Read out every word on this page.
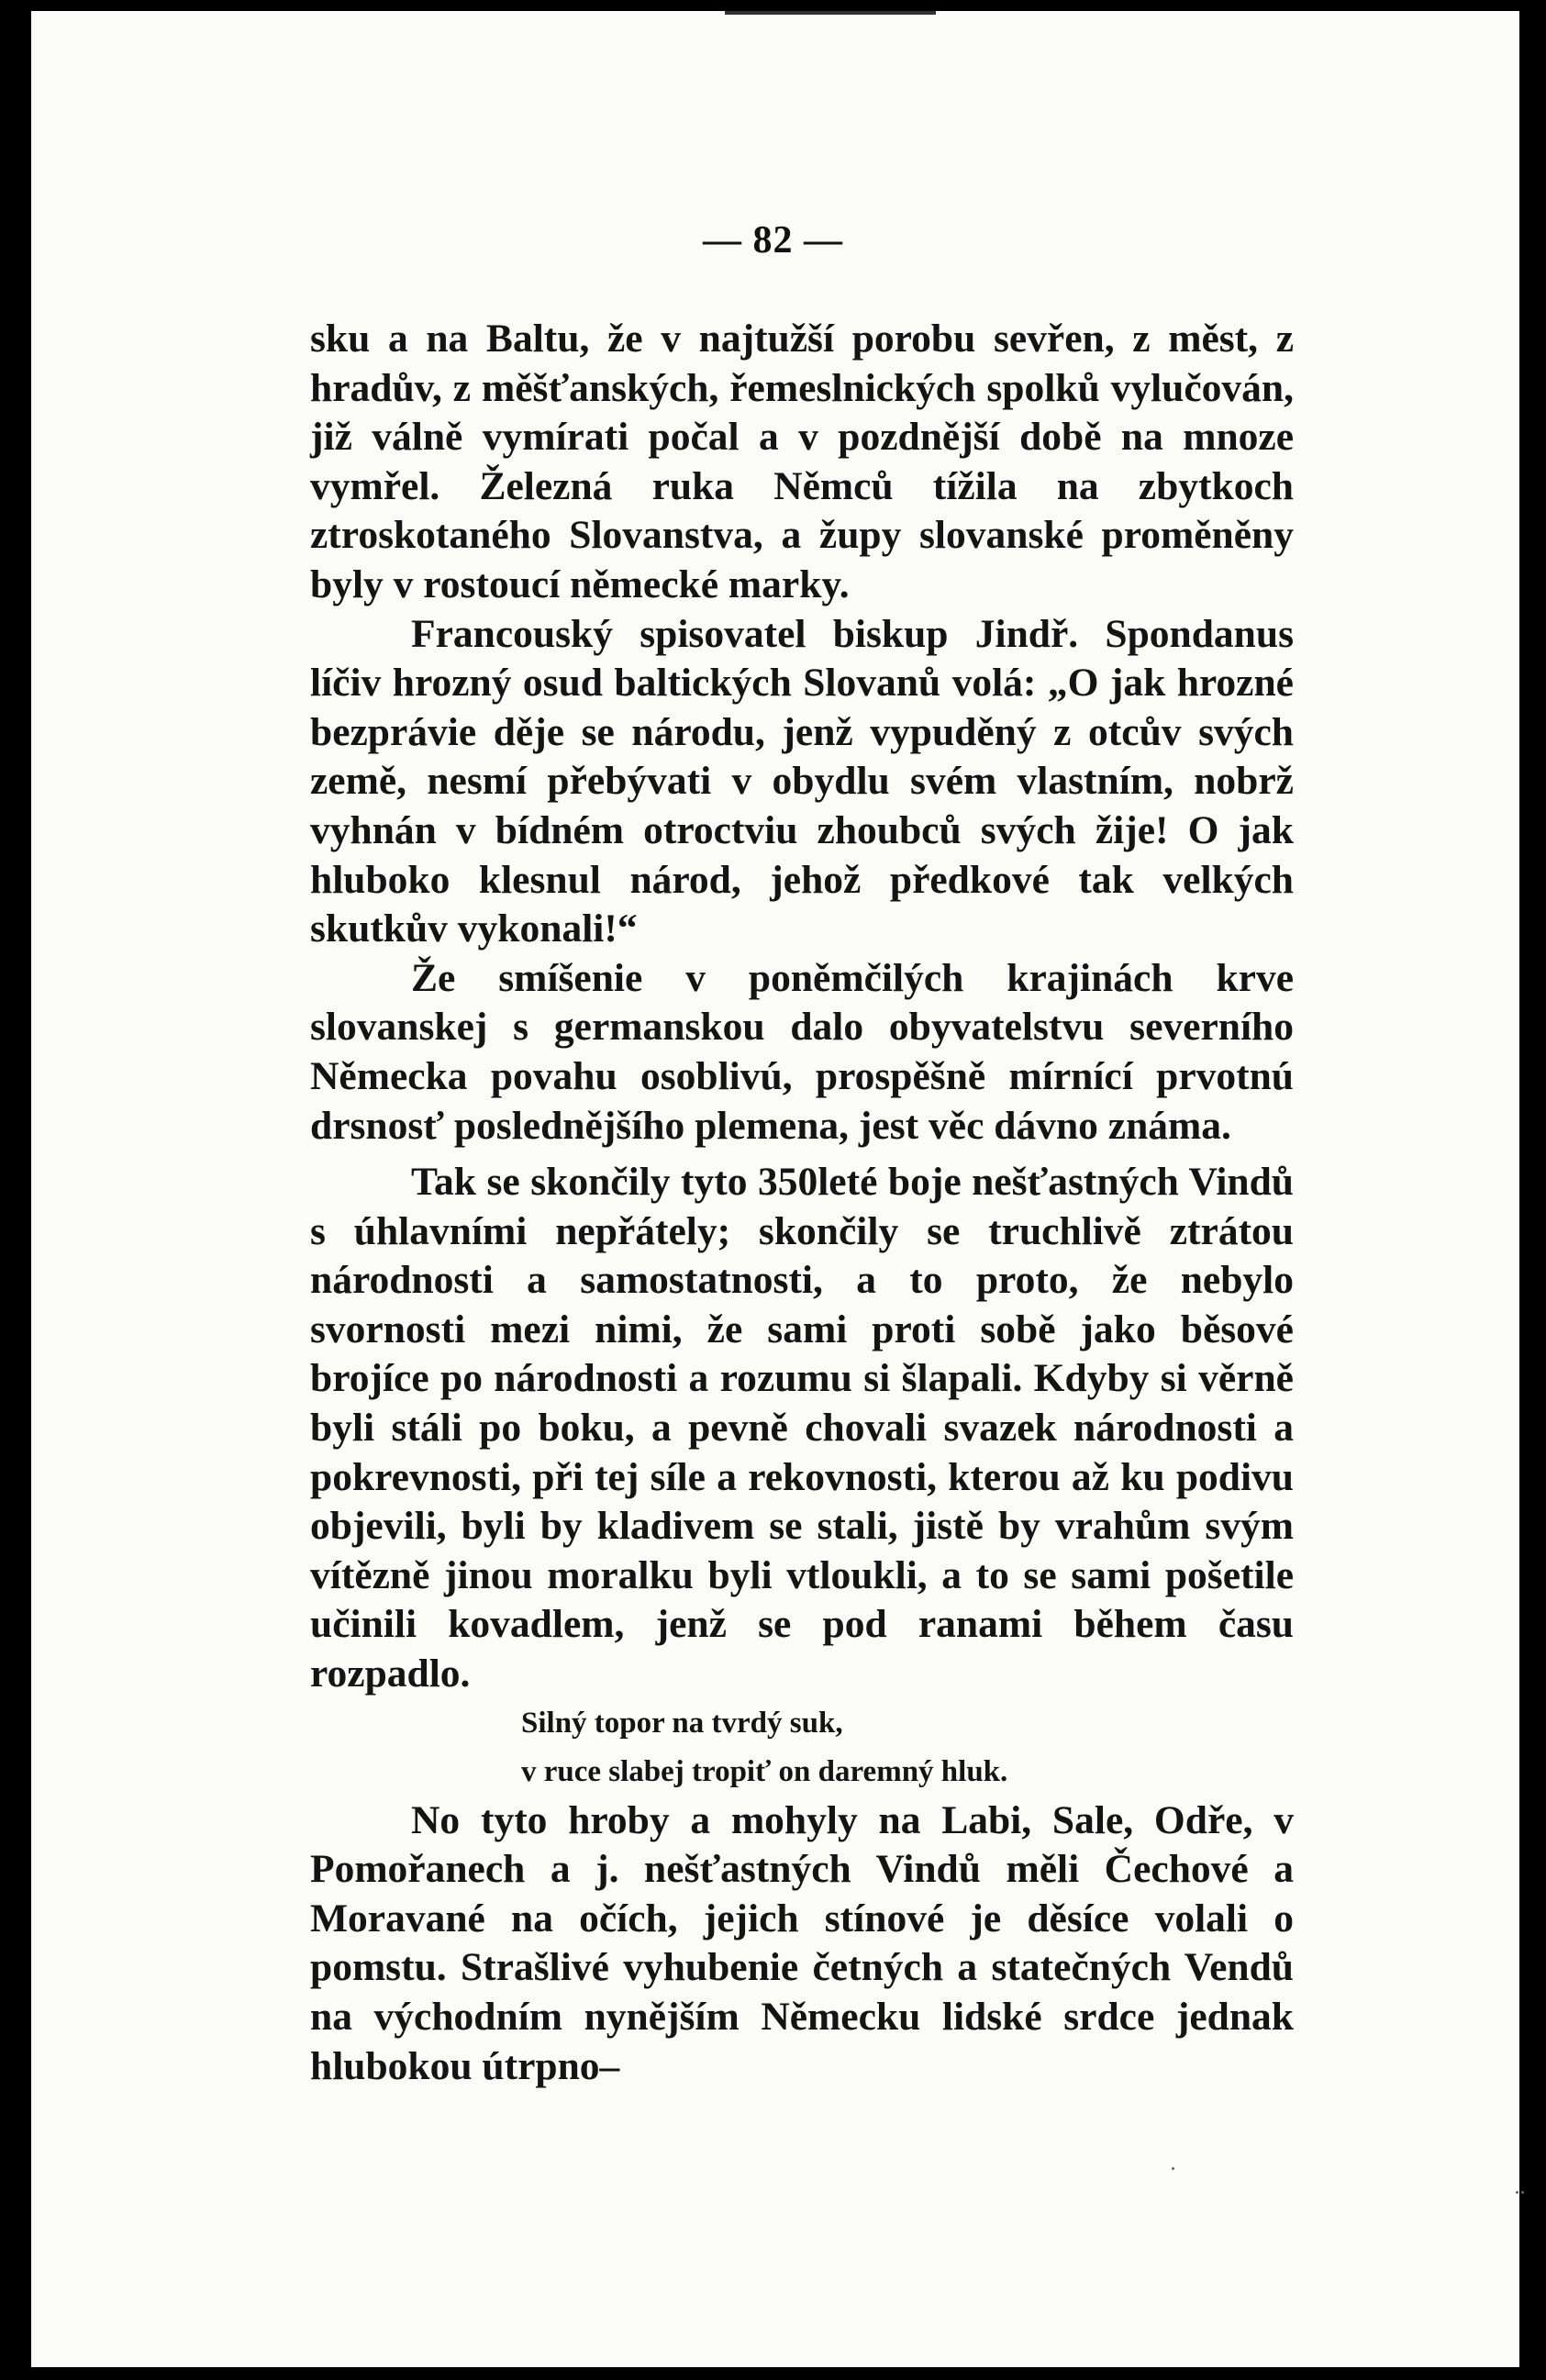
— 82 —

sku a na Baltu, že v najtužší porobu sevřen, z měst, z hradův, z měšťanských, řemeslnických spolků vylučován, již válně vymírati počal a v pozdnější době na mnoze vymřel. Železná ruka Němců tížila na zbytkoch ztroskotaného Slovanstva, a župy slovanské proměněny byly v rostoucí německé marky.

Francouský spisovatel biskup Jindř. Spondanus líčiv hrozný osud baltických Slovanů volá: „O jak hrozné bezprávie děje se národu, jenž vypuděný z otcův svých země, nesmí přebývati v obydlu svém vlastním, nobrž vyhnán v bídném otroctviu zhoubců svých žije! O jak hluboko klesnul národ, jehož předkové tak velkých skutkův vykonali!“

Že smíšenie v poněmčilých krajinách krve slovanskej s germanskou dalo obyvatelstvu severního Německa povahu osoblivú, prospěšně mírnící prvotnú drsnosť poslednějšího plemena, jest věc dávno známa.

Tak se skončily tyto 350leté boje nešťastných Vindů s úhlavními nepřátely; skončily se truchlivě ztrátou národnosti a samostatnosti, a to proto, že nebylo svornosti mezi nimi, že sami proti sobě jako běsové brojíce po národnosti a rozumu si šlapali. Kdyby si věrně byli stáli po boku, a pevně chovali svazek národnosti a pokrevnosti, při tej síle a rekovnosti, kterou až ku podivu objevili, byli by kladivem se stali, jistě by vrahům svým vítězně jinou moralku byli vtloukli, a to se sami pošetile učinili kovadlem, jenž se pod ranami během času rozpadlo.

Silný topor na tvrdý suk,
v ruce slabej tropiť on daremný hluk.

No tyto hroby a mohyly na Labi, Sale, Odře, v Pomořanech a j. nešťastných Vindů měli Čechové a Moravané na očích, jejich stínové je děsíce volali o pomstu. Strašlivé vyhubenie četných a statečných Vendů na východním nynějším Německu lidské srdce jednak hlubokou útrpno–
